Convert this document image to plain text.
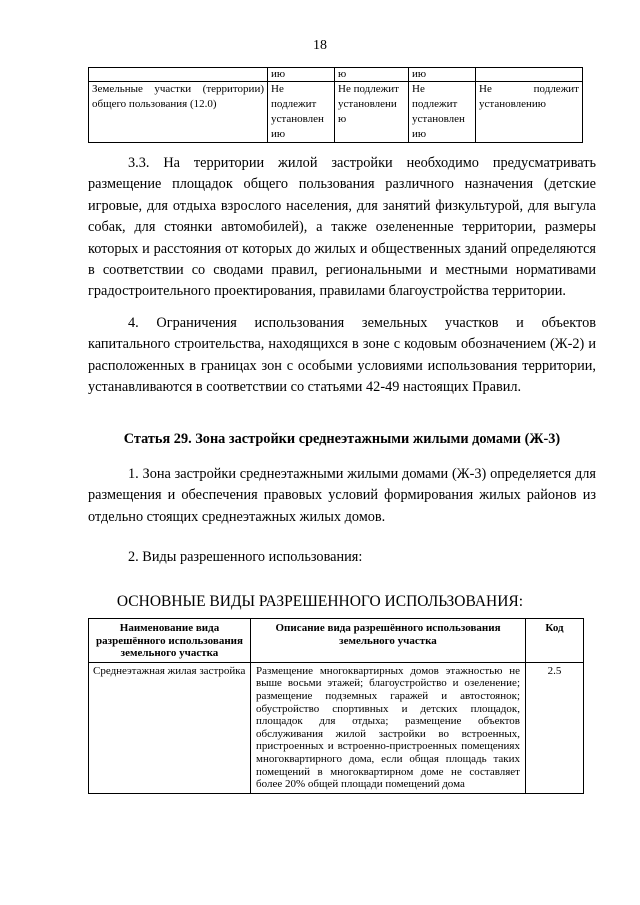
18
	ию	ю	ию	
Земельные участки (территории) общего пользования (12.0)	Не подлежит установлен ию	Не подлежит установлени ю	Не подлежит установлен ию	Не подлежит установлению
3.3. На территории жилой застройки необходимо предусматривать размещение площадок общего пользования различного назначения (детские игровые, для отдыха взрослого населения, для занятий физкультурой, для выгула собак, для стоянки автомобилей), а также озелененные территории, размеры которых и расстояния от которых до жилых и общественных зданий определяются в соответствии со сводами правил, региональными и местными нормативами градостроительного проектирования, правилами благоустройства территории.
4. Ограничения использования земельных участков и объектов капитального строительства, находящихся в зоне с кодовым обозначением (Ж-2) и расположенных в границах зон с особыми условиями использования территории, устанавливаются в соответствии со статьями 42-49 настоящих Правил.
Статья 29. Зона застройки среднеэтажными жилыми домами (Ж-3)
1. Зона застройки среднеэтажными жилыми домами (Ж-3) определяется для размещения и обеспечения правовых условий формирования жилых районов из отдельно стоящих среднеэтажных жилых домов.
2. Виды разрешенного использования:
ОСНОВНЫЕ ВИДЫ РАЗРЕШЕННОГО ИСПОЛЬЗОВАНИЯ:
Наименование вида разрешённого использования земельного участка	Описание вида разрешённого использования земельного участка	Код
Среднеэтажная жилая застройка	Размещение многоквартирных домов этажностью не выше восьми этажей; благоустройство и озеленение; размещение подземных гаражей и автостоянок; обустройство спортивных и детских площадок, площадок для отдыха; размещение объектов обслуживания жилой застройки во встроенных, пристроенных и встроенно-пристроенных помещениях многоквартирного дома, если общая площадь таких помещений в многоквартирном доме не составляет более 20% общей площади помещений дома	2.5
